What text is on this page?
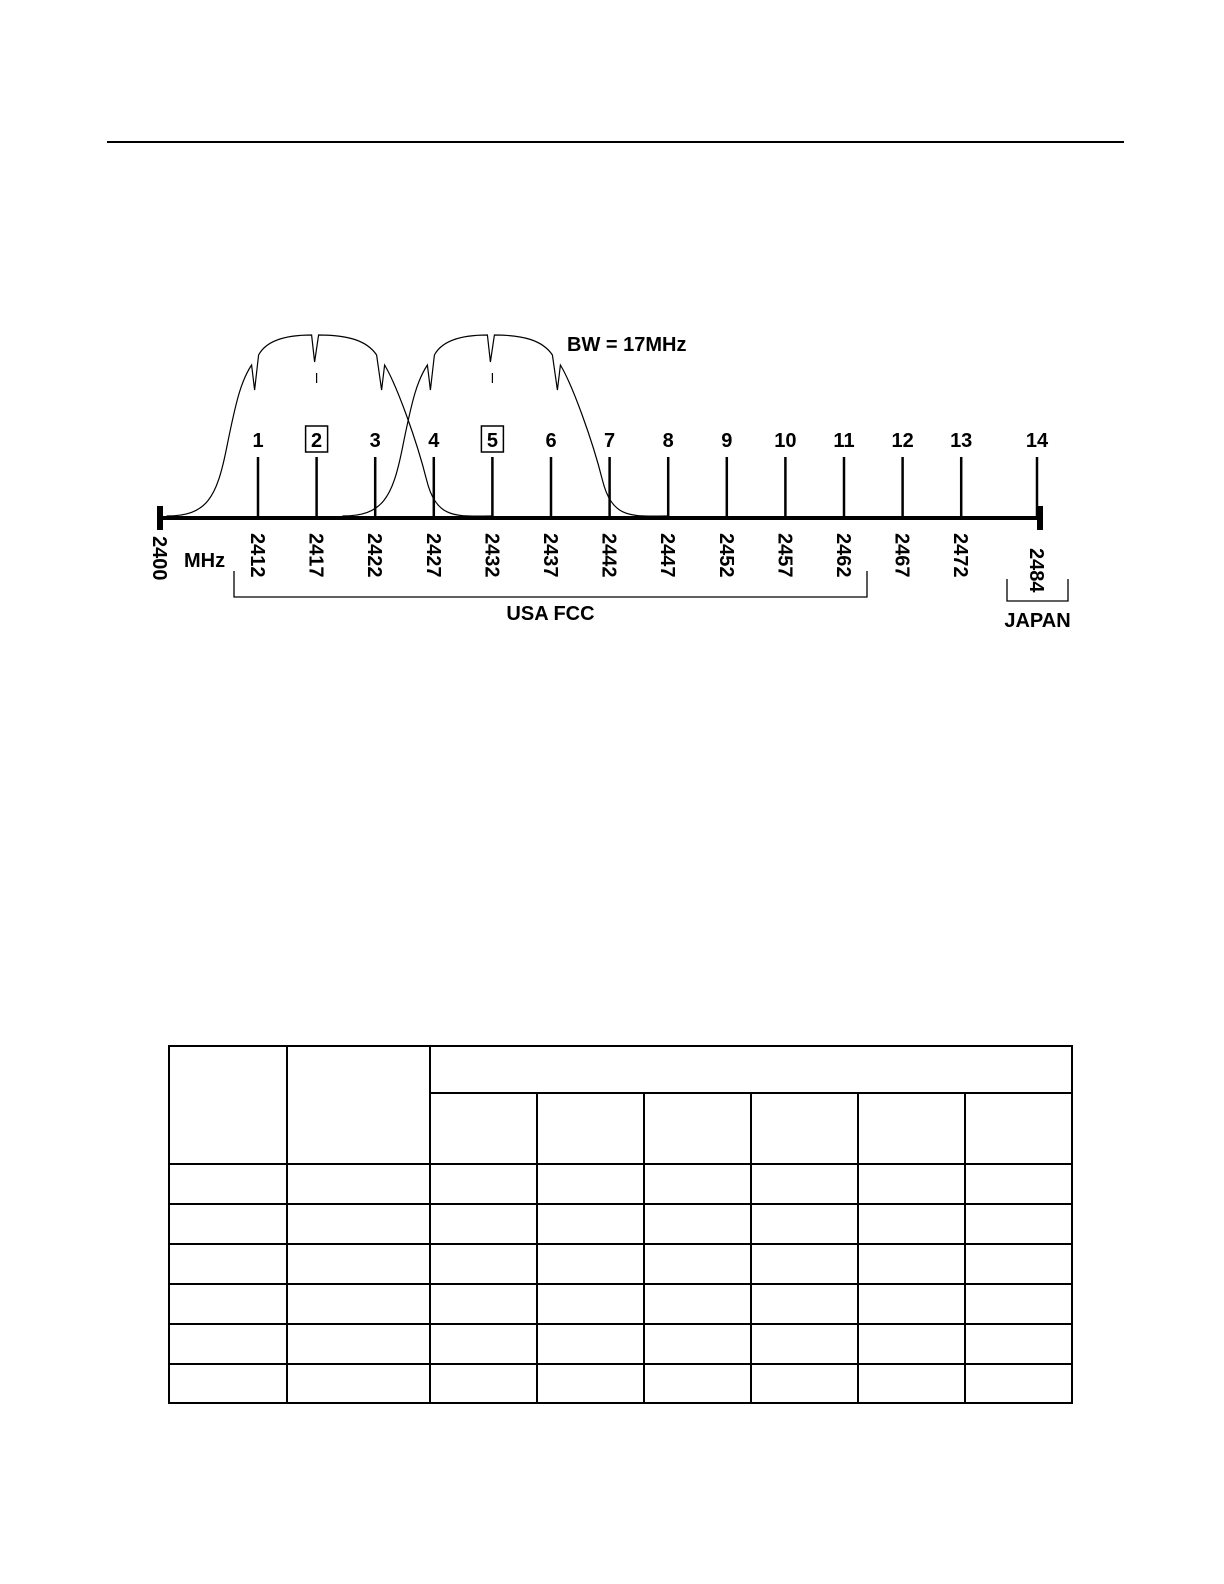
1
2412
2
2417
3
2422
4
2427
5
2432
6
2437
7
2442
8
2447
9
2452
10
2457
11
2462
12
2467
13
2472
14
2484
2400 MHz
BW = 17MHz
USA FCC	JAPAN
